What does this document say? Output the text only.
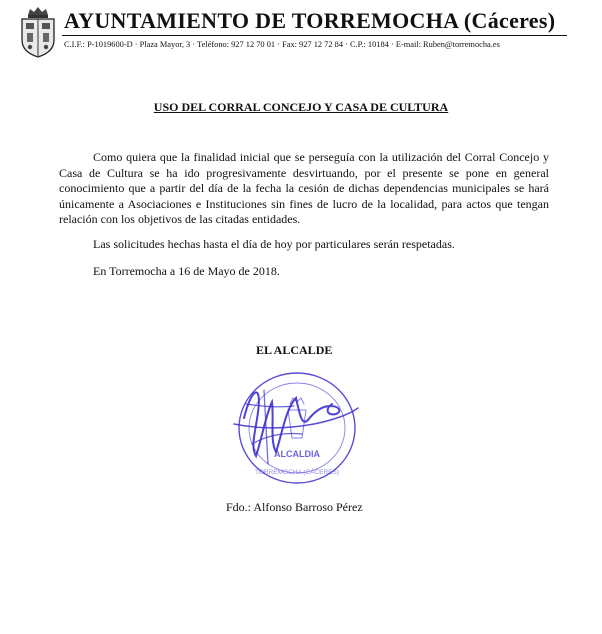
AYUNTAMIENTO DE TORREMOCHA (Cáceres)
C.I.F.: P-1019600-D · Plaza Mayor, 3 · Teléfono: 927 12 70 01 · Fax: 927 12 72 84 · C.P.: 10184 · E-mail: Ruben@torremocha.es
USO DEL CORRAL CONCEJO Y CASA DE CULTURA

Como quiera que la finalidad inicial que se perseguía con la utilización del Corral Concejo y Casa de Cultura se ha ido progresivamente desvirtuando, por el presente se pone en general conocimiento que a partir del día de la fecha la cesión de dichas dependencias municipales se hará únicamente a Asociaciones e Instituciones sin fines de lucro de la localidad, para actos que tengan relación con los objetivos de las citadas entidades.

Las solicitudes hechas hasta el día de hoy por particulares serán respetadas.

En Torremocha a 16 de Mayo de 2018.

EL ALCALDE
ALCALDIA
TORREMOCHA (CÁCERES)
Fdo.: Alfonso Barroso Pérez
